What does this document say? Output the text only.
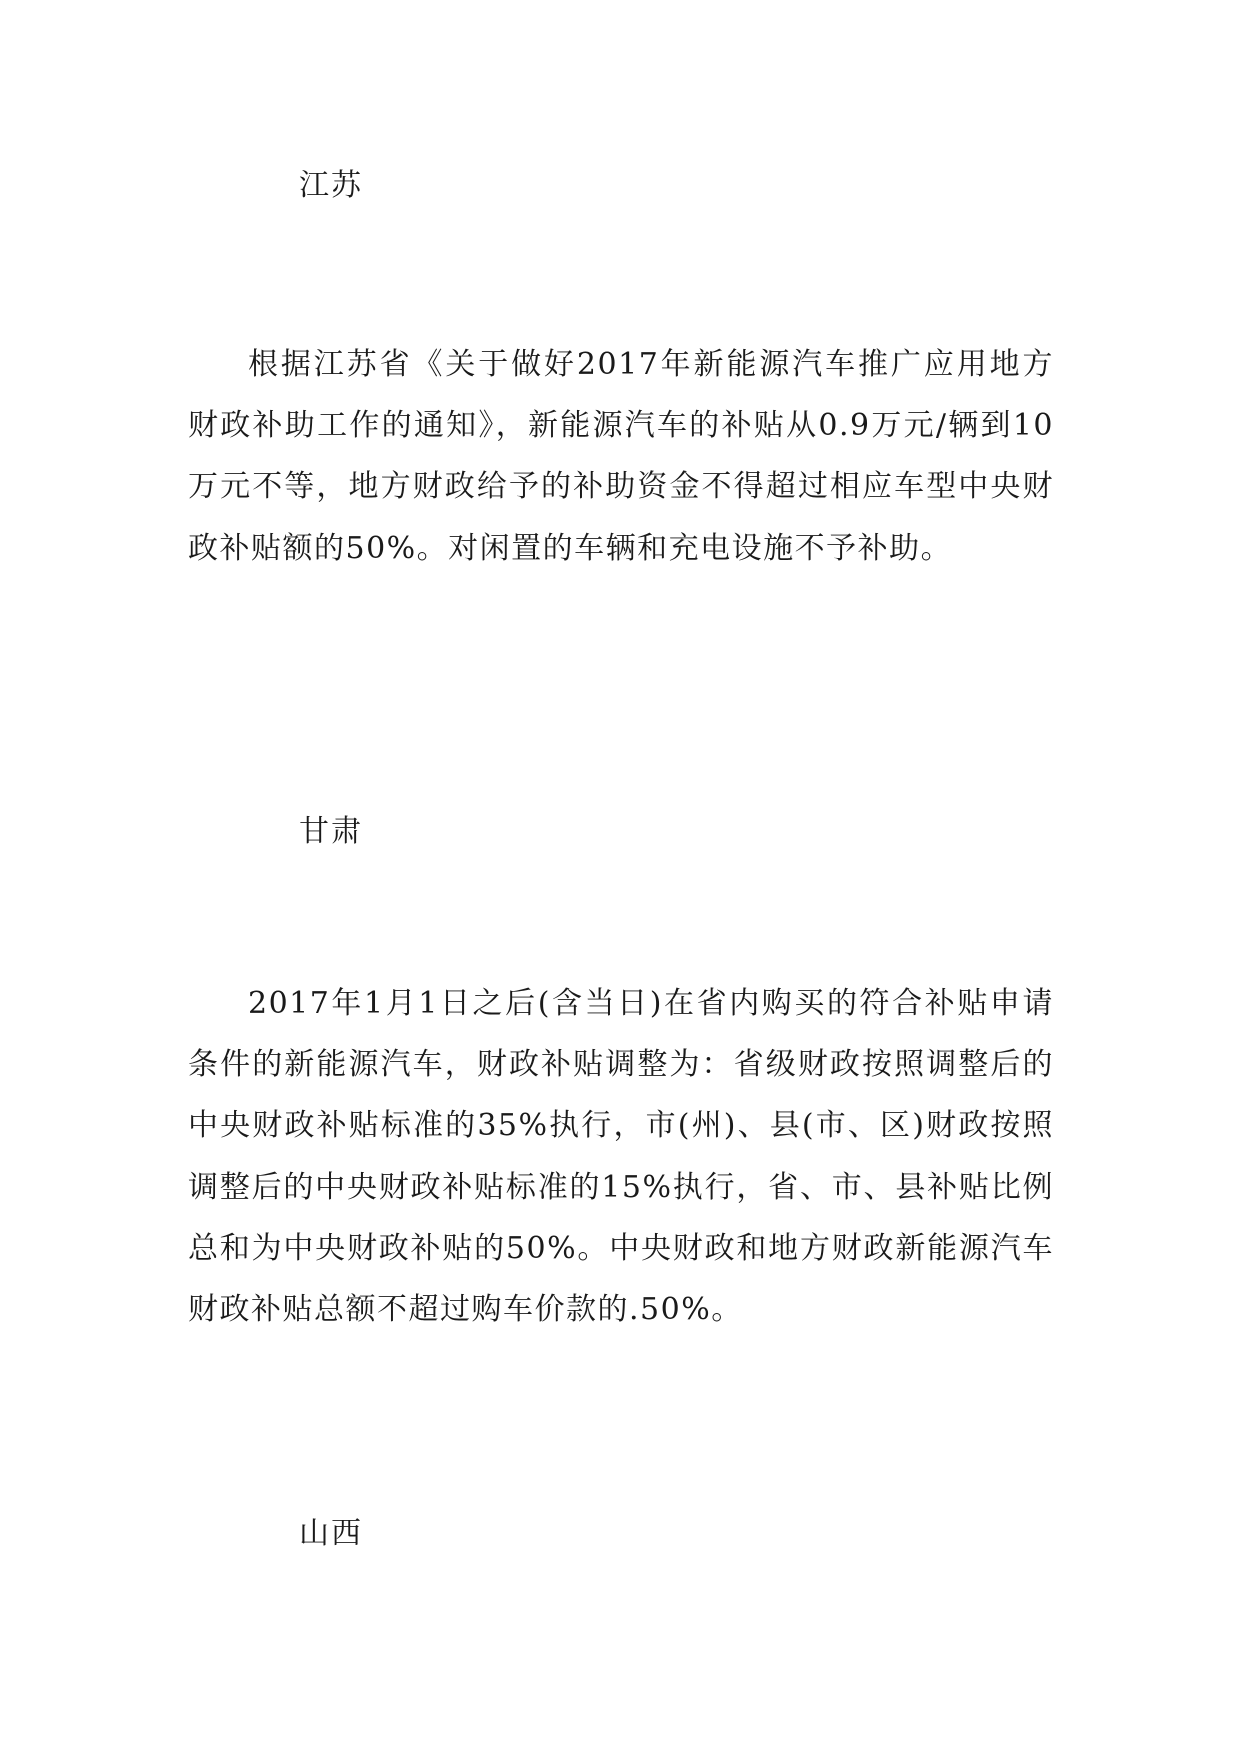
江苏

根据江苏省《关于做好2017年新能源汽车推广应用地方财政补助工作的通知》，新能源汽车的补贴从0.9万元/辆到10万元不等，地方财政给予的补助资金不得超过相应车型中央财政补贴额的50%。对闲置的车辆和充电设施不予补助。

甘肃

2017年1月1日之后(含当日)在省内购买的符合补贴申请条件的新能源汽车，财政补贴调整为：省级财政按照调整后的中央财政补贴标准的35%执行，市(州)、县(市、区)财政按照调整后的中央财政补贴标准的15%执行，省、市、县补贴比例总和为中央财政补贴的50%。中央财政和地方财政新能源汽车财政补贴总额不超过购车价款的.50%。

山西
